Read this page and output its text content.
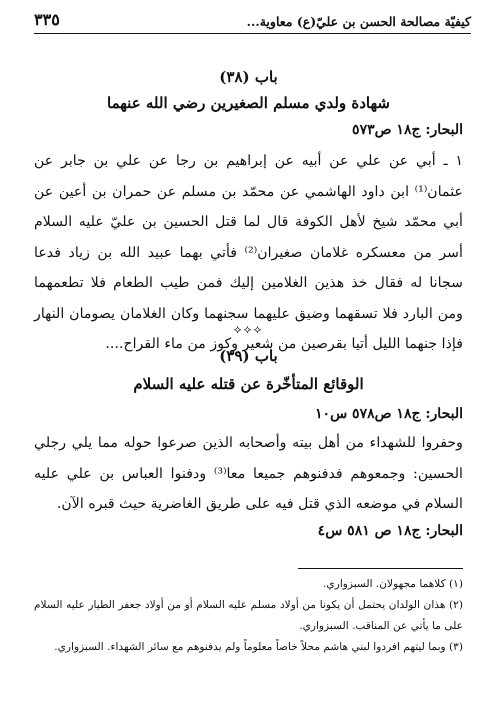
كيفيّة مصالحة الحسن بن عليّ(ع) معاوية...
٣٣٥
باب (٣٨)
شهادة ولدي مسلم الصغيرين رضي الله عنهما
البحار: ج١٨ ص٥٧٣

١ ـ أبي عن علي عن أبيه عن إبراهيم بن رجا عن علي بن جابر عن عثمان⁽¹⁾ ابن داود الهاشمي عن محمّد بن مسلم عن حمران بن أعين عن أبي محمّد شيخ لأهل الكوفة قال لما قتل الحسين بن عليّ عليه السلام أسر من معسكره غلامان صغيران⁽²⁾ فأتي بهما عبيد الله بن زياد فدعا سجانا له فقال خذ هذين الغلامين إليك فمن طيب الطعام فلا تطعمهما ومن البارد فلا تسقهما وضيق عليهما سجنهما وكان الغلامان يصومان النهار فإذا جنهما الليل أتيا بقرصين من شعير وكوز من ماء القراح....

⟡⟡⟡
باب (٣٩)
الوقائع المتأخّرة عن قتله عليه السلام
البحار: ج١٨ ص٥٧٨ س١٠

وحفروا للشهداء من أهل بيته وأصحابه الذين صرعوا حوله مما يلي رجلي الحسين: وجمعوهم فدفنوهم جميعا معا⁽³⁾ ودفنوا العباس بن علي عليه السلام في موضعه الذي قتل فيه على طريق الغاضرية حيث قبره الآن.

البحار: ج١٨ ص ٥٨١ س٤

(١) كلاهما مجهولان. السبزواري.

(٢) هذان الولدان يحتمل أن يكونا من أولاد مسلم عليه السلام أو من أولاد جعفر الطيار عليه السلام على ما يأتي عن المناقب. السبزواري.

(٣) وبما ليتهم افردوا لبني هاشم محلاً خاصاً معلوماً ولم يدفنوهم مع سائر الشهداء. السبزواري.
